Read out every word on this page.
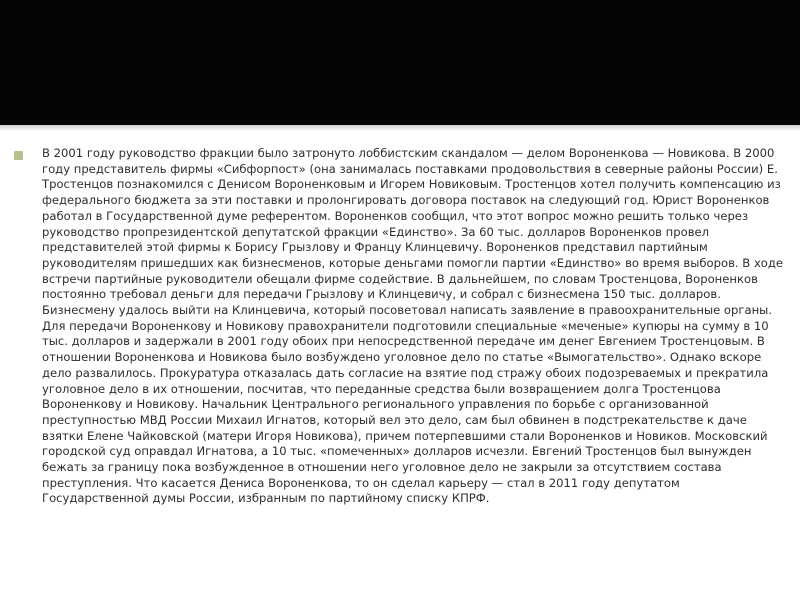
В 2001 году руководство фракции было затронуто лоббистским скандалом — делом Вороненкова — Новикова. В 2000 году представитель фирмы «Сибфорпост» (она занималась поставками продовольствия в северные районы России) Е. Тростенцов познакомился с Денисом Вороненковым и Игорем Новиковым. Тростенцов хотел получить компенсацию из федерального бюджета за эти поставки и пролонгировать договора поставок на следующий год. Юрист Вороненков работал в Государственной думе референтом. Вороненков сообщил, что этот вопрос можно решить только через руководство пропрезидентской депутатской фракции «Единство». За 60 тыс. долларов Вороненков провел представителей этой фирмы к Борису Грызлову и Францу Клинцевичу. Вороненков представил партийным руководителям пришедших как бизнесменов, которые деньгами помогли партии «Единство» во время выборов. В ходе встречи партийные руководители обещали фирме содействие. В дальнейшем, по словам Тростенцова, Вороненков постоянно требовал деньги для передачи Грызлову и Клинцевичу, и собрал с бизнесмена 150 тыс. долларов. Бизнесмену удалось выйти на Клинцевича, который посоветовал написать заявление в правоохранительные органы. Для передачи Вороненкову и Новикову правохранители подготовили специальные «меченые» купюры на сумму в 10 тыс. долларов и задержали в 2001 году обоих при непосредственной передаче им денег Евгением Тростенцовым. В отношении Вороненкова и Новикова было возбуждено уголовное дело по статье «Вымогательство». Однако вскоре дело развалилось. Прокуратура отказалась дать согласие на взятие под стражу обоих подозреваемых и прекратила уголовное дело в их отношении, посчитав, что переданные средства были возвращением долга Тростенцова Вороненкову и Новикову. Начальник Центрального регионального управления по борьбе с организованной преступностью МВД России Михаил Игнатов, который вел это дело, сам был обвинен в подстрекательстве к даче взятки Елене Чайковской (матери Игоря Новикова), причем потерпевшими стали Вороненков и Новиков. Московский городской суд оправдал Игнатова, а 10 тыс. «помеченных» долларов исчезли. Евгений Тростенцов был вынужден бежать за границу пока возбужденное в отношении него уголовное дело не закрыли за отсутствием состава преступления. Что касается Дениса Вороненкова, то он сделал карьеру — стал в 2011 году депутатом Государственной думы России, избранным по партийному списку КПРФ.
